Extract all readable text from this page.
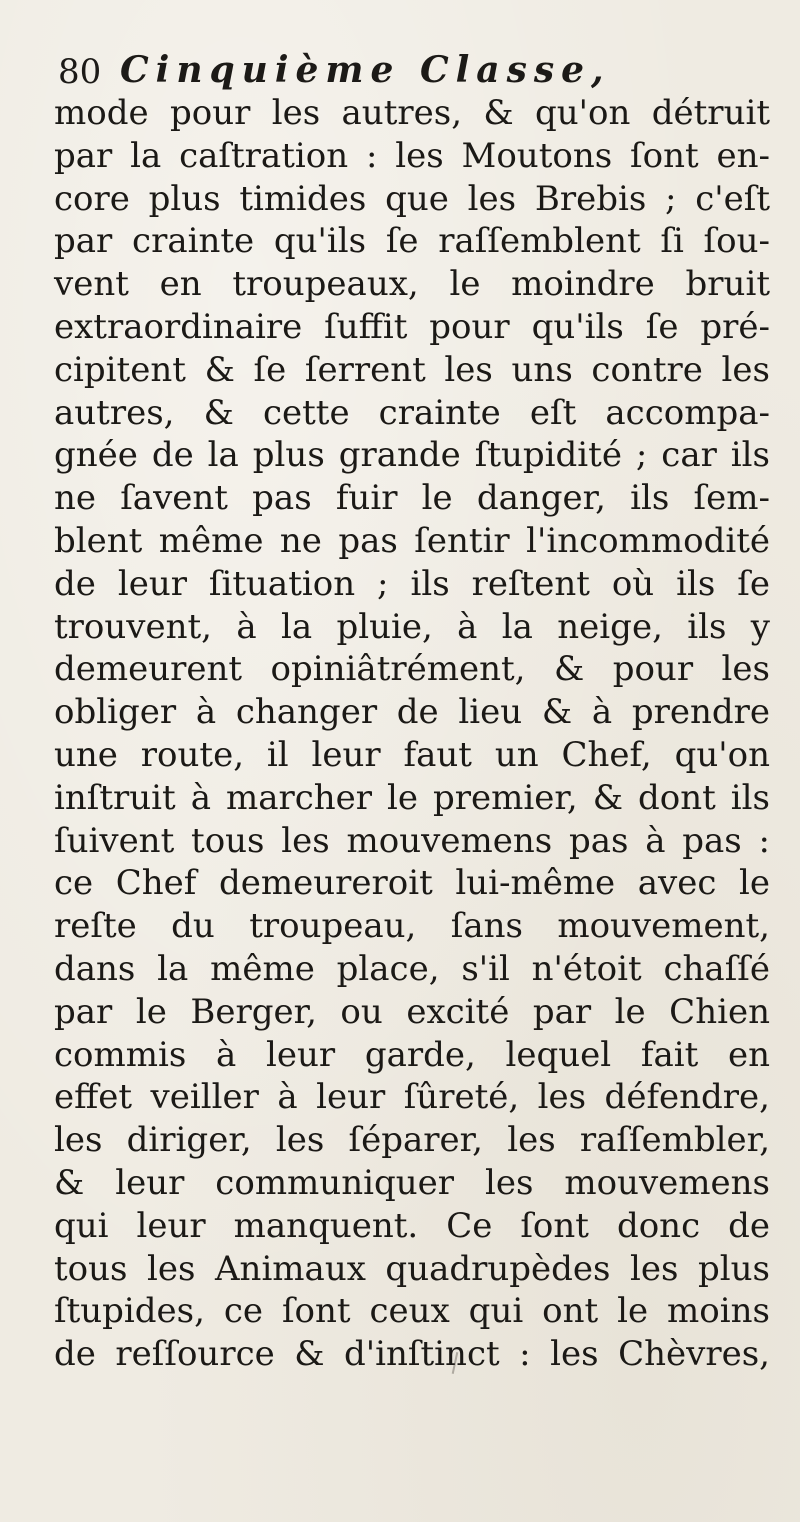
80 Cinquième Classe,
mode pour les autres, & qu'on détruit
par la caſtration : les Moutons ſont en-
core plus timides que les Brebis ; c'eſt
par crainte qu'ils ſe raſſemblent ſi ſou-
vent en troupeaux, le moindre bruit
extraordinaire ſuffit pour qu'ils ſe pré-
cipitent & ſe ſerrent les uns contre les
autres, & cette crainte eſt accompa-
gnée de la plus grande ſtupidité ; car ils
ne ſavent pas fuir le danger, ils ſem-
blent même ne pas ſentir l'incommodité
de leur ſituation ; ils reſtent où ils ſe
trouvent, à la pluie, à la neige, ils y
demeurent opiniâtrément, & pour les
obliger à changer de lieu & à prendre
une route, il leur faut un Chef, qu'on
inſtruit à marcher le premier, & dont ils
ſuivent tous les mouvemens pas à pas :
ce Chef demeureroit lui-même avec le
reſte du troupeau, ſans mouvement,
dans la même place, s'il n'étoit chaſſé
par le Berger, ou excité par le Chien
commis à leur garde, lequel fait en
effet veiller à leur ſûreté, les défendre,
les diriger, les ſéparer, les raſſembler,
& leur communiquer les mouvemens
qui leur manquent. Ce ſont donc de
tous les Animaux quadrupèdes les plus
ſtupides, ce ſont ceux qui ont le moins
de reſſource & d'inſtinct : les Chèvres,
